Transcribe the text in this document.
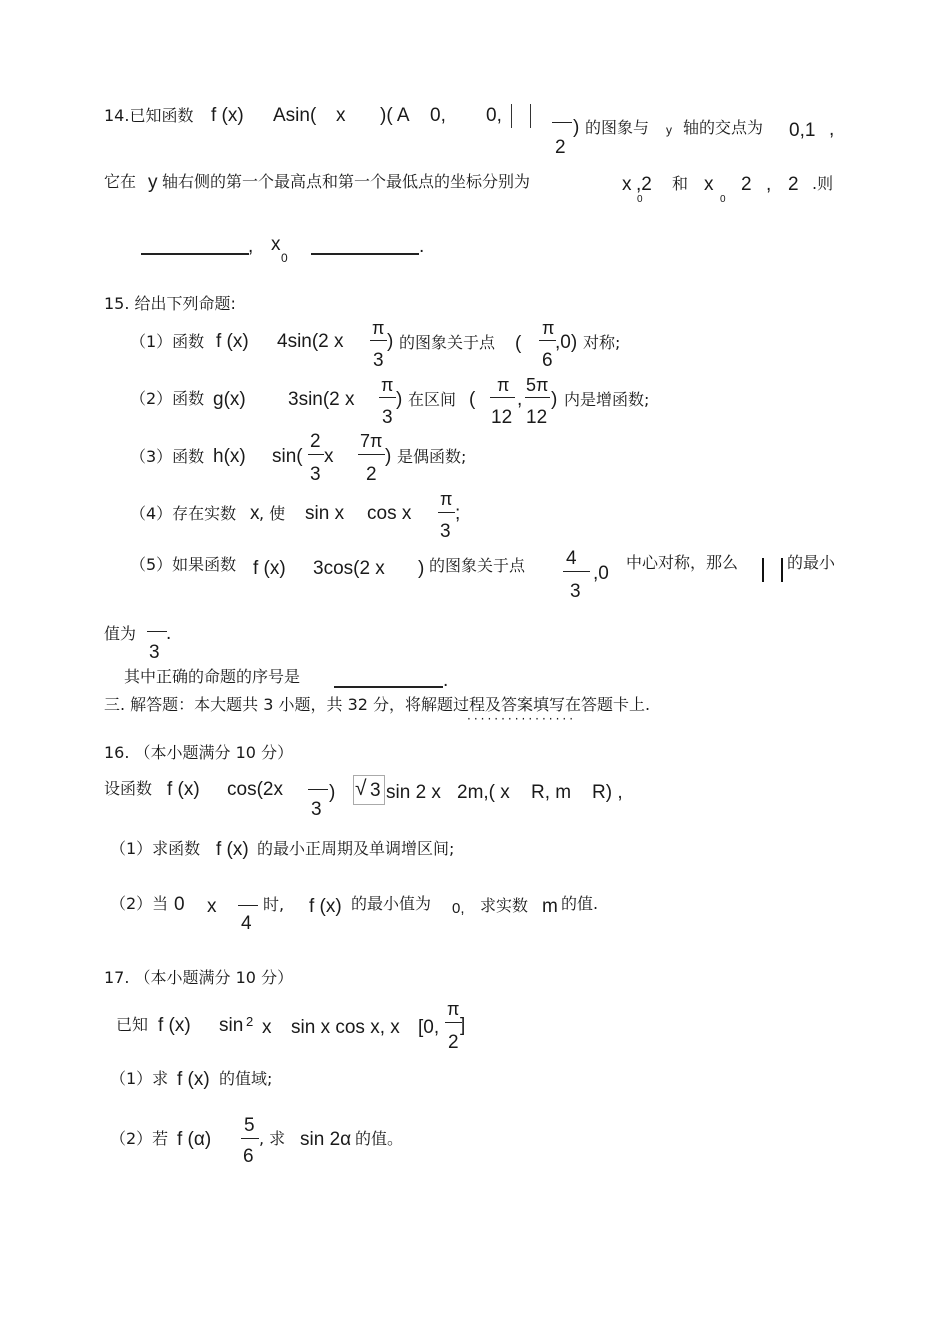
14.已知函数 f (x) Asin( x )( A 0, 0,
2
) 的图象与 y 轴的交点为 0,1 ,
它在 y 轴右侧的第一个最高点和第一个最低点的坐标分别为	x
0
,2 和 x
0
2 , 2 .则
, x
0
.
15. 给出下列命题:
（1）函数 f (x) 4sin(2 x
π
3
) 的图象关于点 (
π
6
,0) 对称;
（2）函数 g(x) 3sin(2 x
π
3
) 在区间 (
π
12
,
5π
12
) 内是增函数;
（3）函数 h(x) sin(
2
3
x
7π
2
) 是偶函数;
（4）存在实数 x , 使 sin x cos x
π
3
;
（5）如果函数 f (x) 3cos(2 x ) 的图象关于点 4
3
,0
中心对称，那么	的最小
值为
3
.
其中正确的命题的序号是	.
三. 解答题：本大题共 3 小题，共 32 分，将解题过程及答案填写在答题卡上.
················
16. （本小题满分 10 分）
设函数 f (x) cos(2x
3
) √ 3 sin 2 x 2m,( x R, m R) ,
（1）求函数 f (x) 的最小正周期及单调增区间;
（2）当 0 x
4
时, f (x) 的最小值为 0, 求实数 m 的值.
17. （本小题满分 10 分）
已知 f (x) sin 2 x sin x cos x, x [0,
π
2
]
（1）求 f (x) 的值域;
（2）若 f (α)
5
6
, 求 sin 2α 的值。
